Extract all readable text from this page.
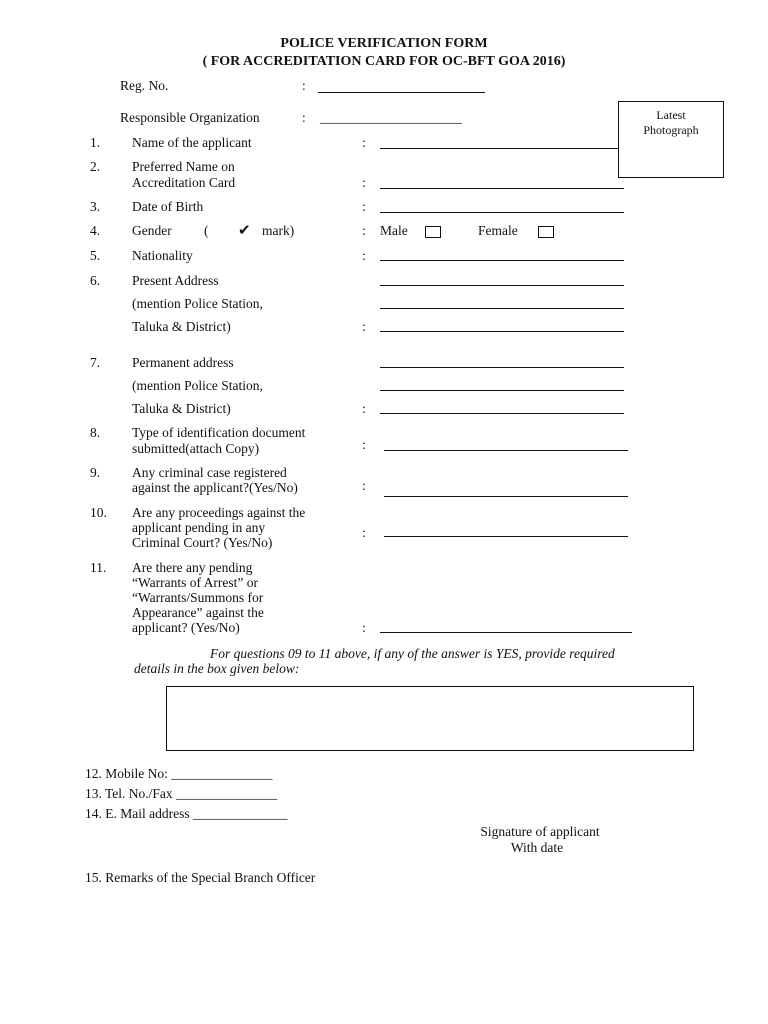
POLICE VERIFICATION FORM
( FOR ACCREDITATION CARD FOR OC-BFT GOA 2016)
Latest
Photograph
Reg. No.	:
Responsible Organization	: _____________________
1. Name of the applicant	:
2. Preferred Name on
Accreditation Card	:
3. Date of Birth	:
4. Gender ( ✔ mark)	: Male	Female
5. Nationality	:
6. Present Address
(mention Police Station,
Taluka & District)	:
7. Permanent address
(mention Police Station,
Taluka & District)	:
8. Type of identification document
submitted(attach Copy)	:
9. Any criminal case registered
against the applicant?(Yes/No)	:
10. Are any proceedings against the
applicant pending in any
Criminal Court? (Yes/No)
:
11. Are there any pending
“Warrants of Arrest” or
“Warrants/Summons for
Appearance” against the
applicant? (Yes/No)	:
For questions 09 to 11 above, if any of the answer is YES, provide required
details in the box given below:
12. Mobile No: _______________
13. Tel. No./Fax _______________
14. E. Mail address ______________
Signature of applicant
With date
15. Remarks of the Special Branch Officer
